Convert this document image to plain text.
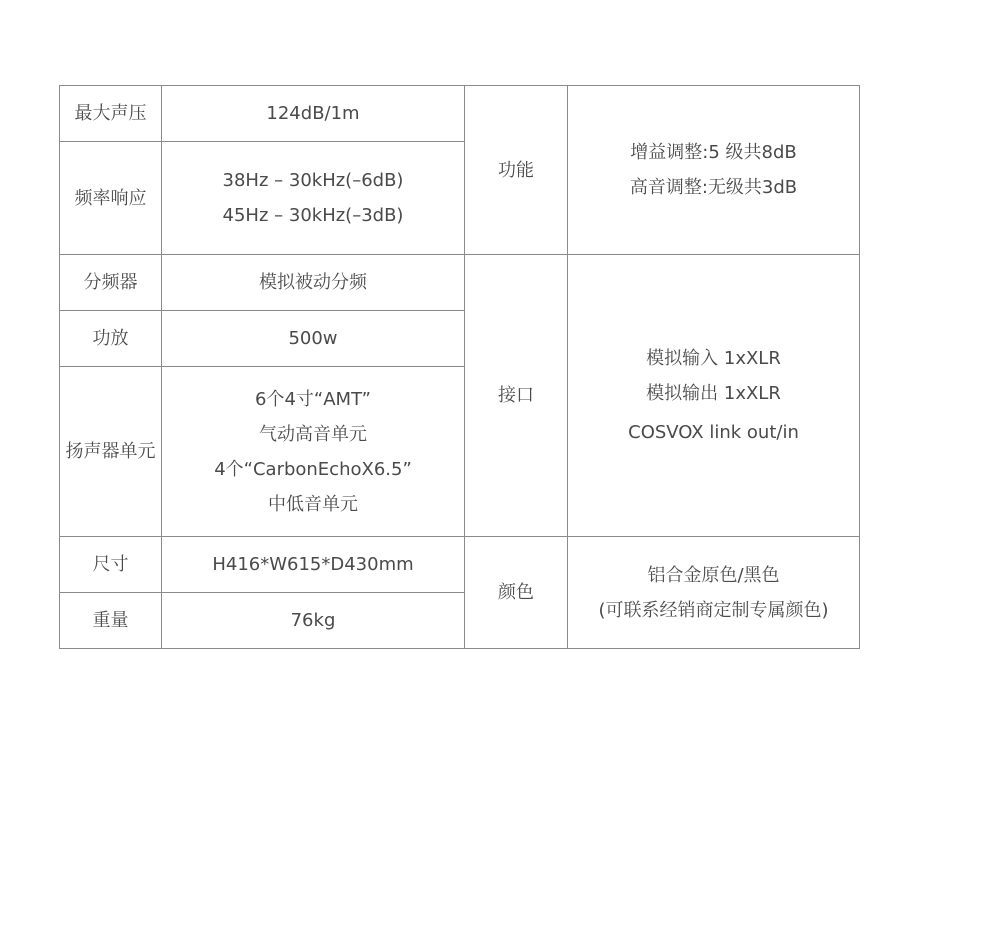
最大声压	124dB/1m	功能	增益调整:5 级共8dB
高音调整:无级共3dB

频率响应	38Hz – 30kHz(–6dB)
45Hz – 30kHz(–3dB)		

分频器	模拟被动分频	接口	模拟输入 1xXLR
模拟输出 1xXLR
COSVOX link out/in

功放	500w		

扬声器单元	6个4寸“AMT”
气动高音单元
4个“CarbonEchoX6.5”
中低音单元		

尺寸	H416*W615*D430mm	颜色	铝合金原色/黑色
(可联系经销商定制专属颜色)

重量	76kg		
